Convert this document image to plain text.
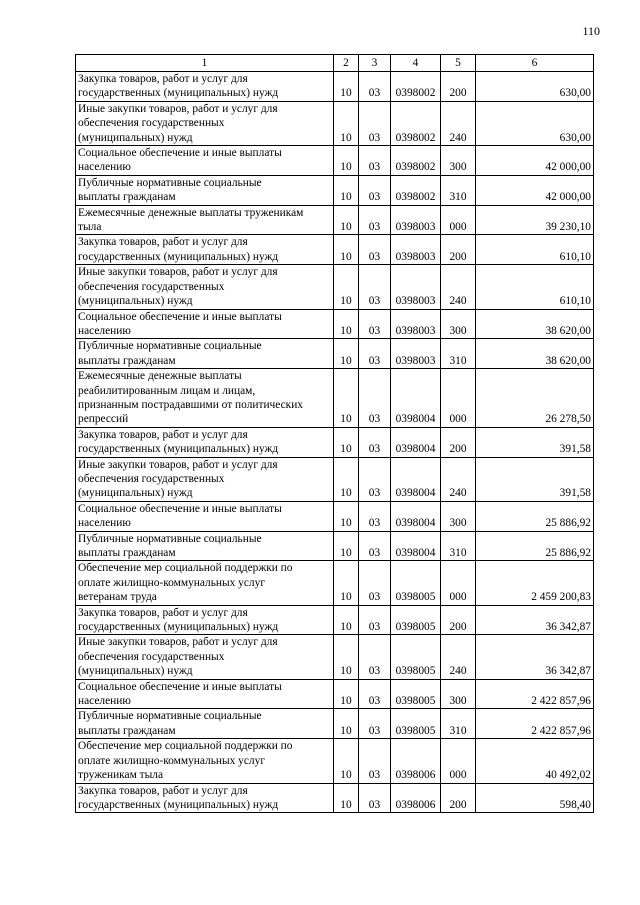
110
1	2	3	4	5	6
Закупка товаров, работ и услуг для
государственных (муниципальных) нужд	10	03	0398002	200	630,00
Иные закупки товаров, работ и услуг для
обеспечения государственных
(муниципальных) нужд	10	03	0398002	240	630,00
Социальное обеспечение и иные выплаты
населению	10	03	0398002	300	42 000,00
Публичные нормативные социальные
выплаты гражданам	10	03	0398002	310	42 000,00
Ежемесячные денежные выплаты труженикам
тыла	10	03	0398003	000	39 230,10
Закупка товаров, работ и услуг для
государственных (муниципальных) нужд	10	03	0398003	200	610,10
Иные закупки товаров, работ и услуг для
обеспечения государственных
(муниципальных) нужд	10	03	0398003	240	610,10
Социальное обеспечение и иные выплаты
населению	10	03	0398003	300	38 620,00
Публичные нормативные социальные
выплаты гражданам	10	03	0398003	310	38 620,00
Ежемесячные денежные выплаты
реабилитированным лицам и лицам,
признанным пострадавшими от политических
репрессий	10	03	0398004	000	26 278,50
Закупка товаров, работ и услуг для
государственных (муниципальных) нужд	10	03	0398004	200	391,58
Иные закупки товаров, работ и услуг для
обеспечения государственных
(муниципальных) нужд	10	03	0398004	240	391,58
Социальное обеспечение и иные выплаты
населению	10	03	0398004	300	25 886,92
Публичные нормативные социальные
выплаты гражданам	10	03	0398004	310	25 886,92
Обеспечение мер социальной поддержки по
оплате жилищно-коммунальных услуг
ветеранам труда	10	03	0398005	000	2 459 200,83
Закупка товаров, работ и услуг для
государственных (муниципальных) нужд	10	03	0398005	200	36 342,87
Иные закупки товаров, работ и услуг для
обеспечения государственных
(муниципальных) нужд	10	03	0398005	240	36 342,87
Социальное обеспечение и иные выплаты
населению	10	03	0398005	300	2 422 857,96
Публичные нормативные социальные
выплаты гражданам	10	03	0398005	310	2 422 857,96
Обеспечение мер социальной поддержки по
оплате жилищно-коммунальных услуг
труженикам тыла	10	03	0398006	000	40 492,02
Закупка товаров, работ и услуг для
государственных (муниципальных) нужд	10	03	0398006	200	598,40
